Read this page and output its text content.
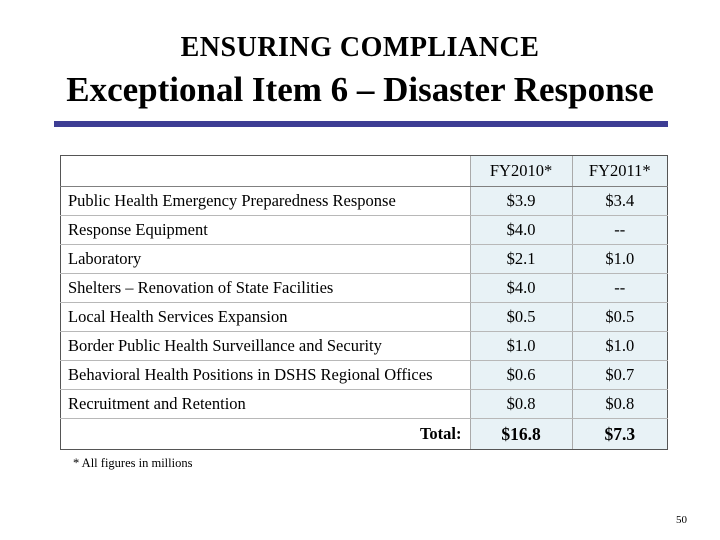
ENSURING COMPLIANCE
Exceptional Item 6 – Disaster Response
	FY2010*	FY2011*
Public Health Emergency Preparedness Response	$3.9	$3.4
Response Equipment	$4.0	--
Laboratory	$2.1	$1.0
Shelters – Renovation of State Facilities	$4.0	--
Local Health Services Expansion	$0.5	$0.5
Border Public Health Surveillance and Security	$1.0	$1.0
Behavioral Health Positions in DSHS Regional Offices	$0.6	$0.7
Recruitment and Retention	$0.8	$0.8
Total:	$16.8	$7.3
* All figures in millions
50
